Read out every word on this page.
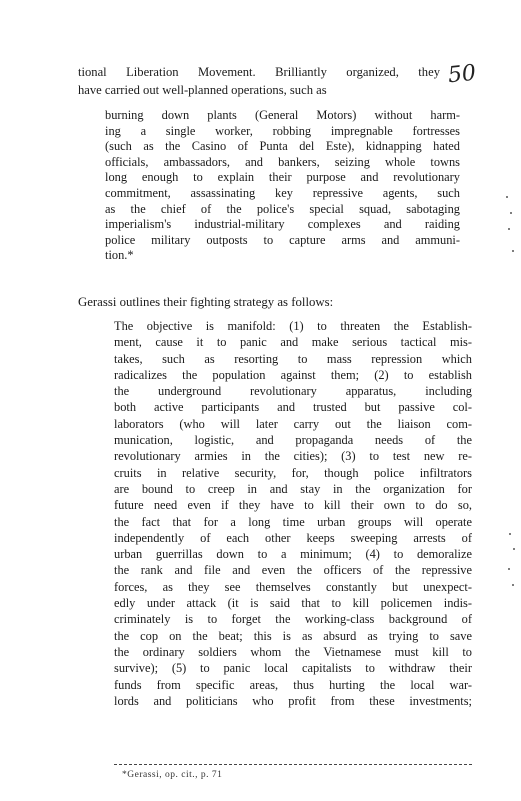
50

tional Liberation Movement. Brilliantly organized, they
have carried out well-planned operations, such as

burning down plants (General Motors) without harm-
ing a single worker, robbing impregnable fortresses
(such as the Casino of Punta del Este), kidnapping hated
officials, ambassadors, and bankers, seizing whole towns
long enough to explain their purpose and revolutionary
commitment, assassinating key repressive agents, such
as the chief of the police's special squad, sabotaging
imperialism's industrial-military complexes and raiding
police military outposts to capture arms and ammuni-
tion.*

Gerassi outlines their fighting strategy as follows:

The objective is manifold: (1) to threaten the Establish-
ment, cause it to panic and make serious tactical mis-
takes, such as resorting to mass repression which
radicalizes the population against them; (2) to establish
the underground revolutionary apparatus, including
both active participants and trusted but passive col-
laborators (who will later carry out the liaison com-
munication, logistic, and propaganda needs of the
revolutionary armies in the cities); (3) to test new re-
cruits in relative security, for, though police infiltrators
are bound to creep in and stay in the organization for
future need even if they have to kill their own to do so,
the fact that for a long time urban groups will operate
independently of each other keeps sweeping arrests of
urban guerrillas down to a minimum; (4) to demoralize
the rank and file and even the officers of the repressive
forces, as they see themselves constantly but unexpect-
edly under attack (it is said that to kill policemen indis-
criminately is to forget the working-class background of
the cop on the beat; this is as absurd as trying to save
the ordinary soldiers whom the Vietnamese must kill to
survive); (5) to panic local capitalists to withdraw their
funds from specific areas, thus hurting the local war-
lords and politicians who profit from these investments;

*Gerassi, op. cit., p. 71
